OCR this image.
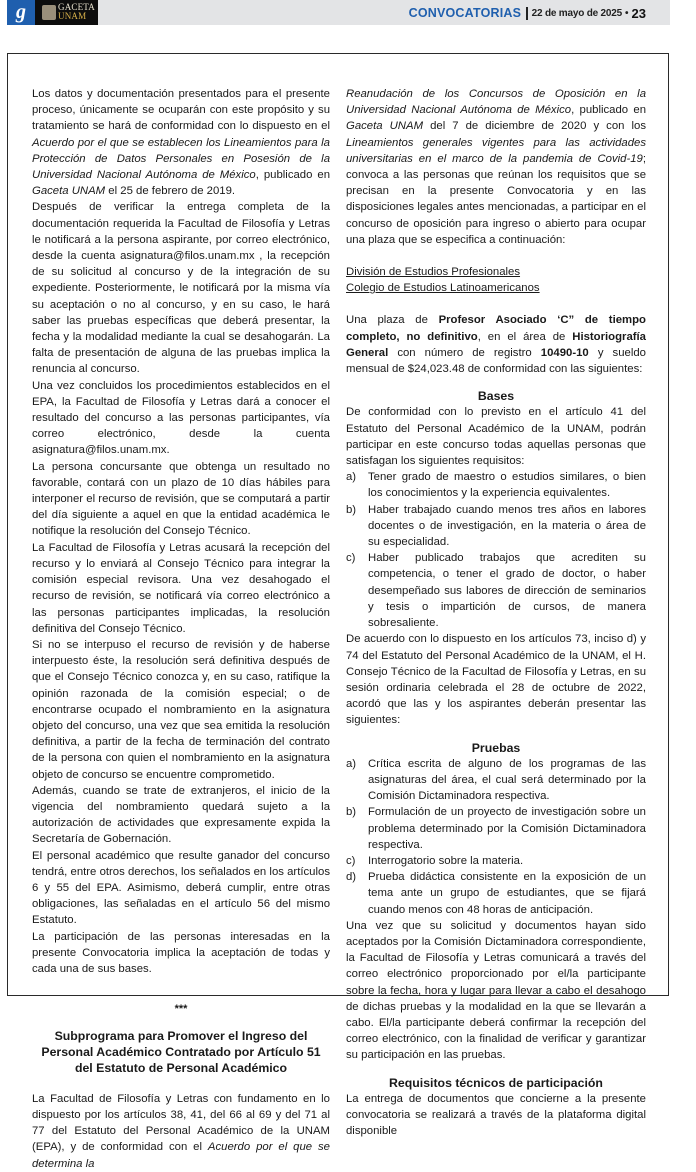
g	GACETA
UNAM	CONVOCATORIAS 22 de mayo de 2025 • 23

Los datos y documentación presentados para el presente proceso, únicamente se ocuparán con este propósito y su tratamiento se hará de conformidad con lo dispuesto en el Acuerdo por el que se establecen los Lineamientos para la Protección de Datos Personales en Posesión de la Universidad Nacional Autónoma de México, publicado en Gaceta UNAM el 25 de febrero de 2019.

Después de verificar la entrega completa de la documentación requerida la Facultad de Filosofía y Letras le notificará a la persona aspirante, por correo electrónico, desde la cuenta asignatura@filos.unam.mx , la recepción de su solicitud al concurso y de la integración de su expediente. Posteriormente, le notificará por la misma vía su aceptación o no al concurso, y en su caso, le hará saber las pruebas específicas que deberá presentar, la fecha y la modalidad mediante la cual se desahogarán. La falta de presentación de alguna de las pruebas implica la renuncia al concurso.

Una vez concluidos los procedimientos establecidos en el EPA, la Facultad de Filosofía y Letras dará a conocer el resultado del concurso a las personas participantes, vía correo electrónico, desde la cuenta asignatura@filos.unam.mx.

La persona concursante que obtenga un resultado no favorable, contará con un plazo de 10 días hábiles para interponer el recurso de revisión, que se computará a partir del día siguiente a aquel en que la entidad académica le notifique la resolución del Consejo Técnico.

La Facultad de Filosofía y Letras acusará la recepción del recurso y lo enviará al Consejo Técnico para integrar la comisión especial revisora. Una vez desahogado el recurso de revisión, se notificará vía correo electrónico a las personas participantes implicadas, la resolución definitiva del Consejo Técnico.

Si no se interpuso el recurso de revisión y de haberse interpuesto éste, la resolución será definitiva después de que el Consejo Técnico conozca y, en su caso, ratifique la opinión razonada de la comisión especial; o de encontrarse ocupado el nombramiento en la asignatura objeto del concurso, una vez que sea emitida la resolución definitiva, a partir de la fecha de terminación del contrato de la persona con quien el nombramiento en la asignatura objeto de concurso se encuentre comprometido.

Además, cuando se trate de extranjeros, el inicio de la vigencia del nombramiento quedará sujeto a la autorización de actividades que expresamente expida la Secretaría de Gobernación.

El personal académico que resulte ganador del concurso tendrá, entre otros derechos, los señalados en los artículos 6 y 55 del EPA. Asimismo, deberá cumplir, entre otras obligaciones, las señaladas en el artículo 56 del mismo Estatuto.

La participación de las personas interesadas en la presente Convocatoria implica la aceptación de todas y cada una de sus bases.

***

Subprograma para Promover el Ingreso del Personal Académico Contratado por Artículo 51 del Estatuto de Personal Académico

La Facultad de Filosofía y Letras con fundamento en lo dispuesto por los artículos 38, 41, del 66 al 69 y del 71 al 77 del Estatuto del Personal Académico de la UNAM (EPA), y de conformidad con el Acuerdo por el que se determina la

Reanudación de los Concursos de Oposición en la Universidad Nacional Autónoma de México, publicado en Gaceta UNAM del 7 de diciembre de 2020 y con los Lineamientos generales vigentes para las actividades universitarias en el marco de la pandemia de Covid-19; convoca a las personas que reúnan los requisitos que se precisan en la presente Convocatoria y en las disposiciones legales antes mencionadas, a participar en el concurso de oposición para ingreso o abierto para ocupar una plaza que se especifica a continuación:

División de Estudios Profesionales

Colegio de Estudios Latinoamericanos

Una plaza de Profesor Asociado ‘C” de tiempo completo, no definitivo, en el área de Historiografía General con número de registro 10490-10 y sueldo mensual de $24,023.48 de conformidad con las siguientes:

Bases

De conformidad con lo previsto en el artículo 41 del Estatuto del Personal Académico de la UNAM, podrán participar en este concurso todas aquellas personas que satisfagan los siguientes requisitos:

a)	Tener grado de maestro o estudios similares, o bien los conocimientos y la experiencia equivalentes.
b)	Haber trabajado cuando menos tres años en labores docentes o de investigación, en la materia o área de su especialidad.
c)	Haber publicado trabajos que acrediten su competencia, o tener el grado de doctor, o haber desempeñado sus labores de dirección de seminarios y tesis o impartición de cursos, de manera sobresaliente.

De acuerdo con lo dispuesto en los artículos 73, inciso d) y 74 del Estatuto del Personal Académico de la UNAM, el H. Consejo Técnico de la Facultad de Filosofía y Letras, en su sesión ordinaria celebrada el 28 de octubre de 2022, acordó que las y los aspirantes deberán presentar las siguientes:

Pruebas

a)	Crítica escrita de alguno de los programas de las asignaturas del área, el cual será determinado por la Comisión Dictaminadora respectiva.
b)	Formulación de un proyecto de investigación sobre un problema determinado por la Comisión Dictaminadora respectiva.
c)	Interrogatorio sobre la materia.
d)	Prueba didáctica consistente en la exposición de un tema ante un grupo de estudiantes, que se fijará cuando menos con 48 horas de anticipación.

Una vez que su solicitud y documentos hayan sido aceptados por la Comisión Dictaminadora correspondiente, la Facultad de Filosofía y Letras comunicará a través del correo electrónico proporcionado por el/la participante sobre la fecha, hora y lugar para llevar a cabo el desahogo de dichas pruebas y la modalidad en la que se llevarán a cabo. El/la participante deberá confirmar la recepción del correo electrónico, con la finalidad de verificar y garantizar su participación en las pruebas.

Requisitos técnicos de participación

La entrega de documentos que concierne a la presente convocatoria se realizará a través de la plataforma digital disponible
